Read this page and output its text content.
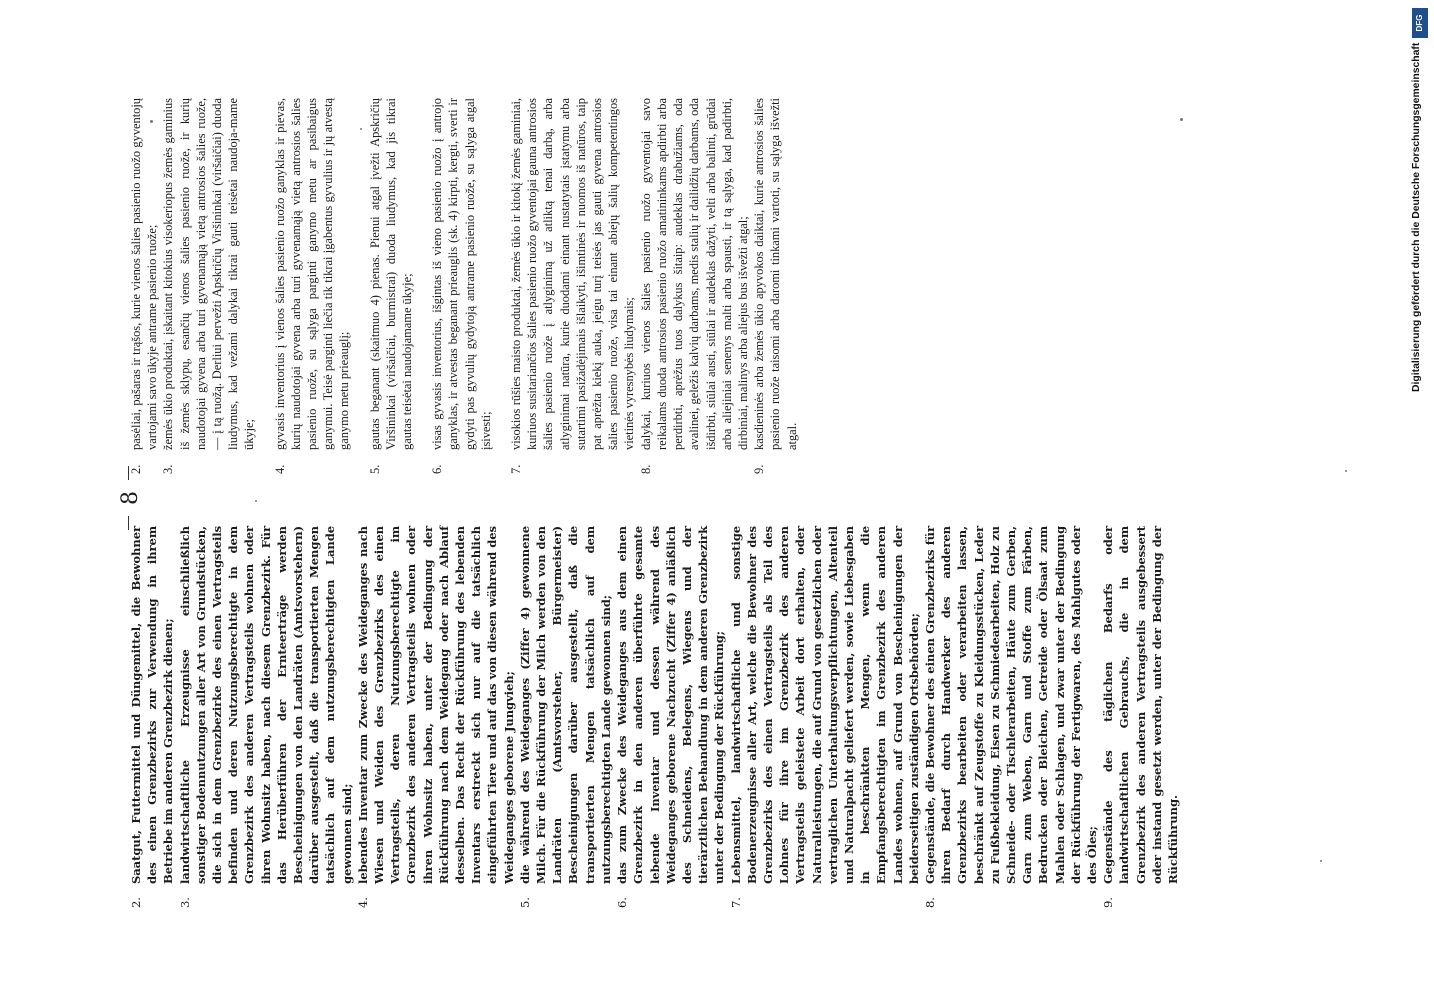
2.
Saatgut, Futtermittel und Düngemittel, die Bewohner des einen Grenzbezirks zur Verwendung in ihrem Betriebe im anderen Grenzbezirk dienen;
3.
landwirtschaftliche Erzeugnisse einschließlich sonstiger Bodennutzungen aller Art von Grundstücken, die sich in dem Grenzbezirke des einen Vertragsteils befinden und deren Nutzungsberechtigte in dem Grenzbezirk des anderen Vertragsteils wohnen oder ihren Wohnsitz haben, nach diesem Grenzbezirk. Für das Herüberführen der Ernteerträge werden Bescheinigungen von den Landräten (Amtsvorstehern) darüber ausgestellt, daß die transportierten Mengen tatsächlich auf dem nutzungsberechtigten Lande gewonnen sind;
4.
lebendes Inventar zum Zwecke des Weideganges nach Wiesen und Weiden des Grenzbezirks des einen Vertragsteils, deren Nutzungsberechtigte im Grenzbezirk des anderen Vertragsteils wohnen oder ihren Wohnsitz haben, unter der Bedingung der Rückführung nach dem Weidegang oder nach Ablauf desselben. Das Recht der Rückführung des lebenden Inventars erstreckt sich nur auf die tatsächlich eingeführten Tiere und auf das von diesen während des Weideganges geborene Jungvieh;
5.
die während des Weideganges (Ziffer 4) gewonnene Milch. Für die Rückführung der Milch werden von den Landräten (Amtsvorsteher, Bürgermeister) Bescheinigungen darüber ausgestellt, daß die transportierten Mengen tatsächlich auf dem nutzungsberechtigten Lande gewonnen sind;
6.
das zum Zwecke des Weideganges aus dem einen Grenzbezirk in den anderen überführte gesamte lebende Inventar und dessen während des Weideganges geborene Nachzucht (Ziffer 4) anläßlich des Schneidens, Belegens, Wiegens und der tierärztlichen Behandlung in dem anderen Grenzbezirk unter der Bedingung der Rückführung;
7.
Lebensmittel, landwirtschaftliche und sonstige Bodenerzeugnisse aller Art, welche die Bewohner des Grenzbezirks des einen Vertragsteils als Teil des Lohnes für ihre im Grenzbezirk des anderen Vertragsteils geleistete Arbeit dort erhalten, oder Naturalleistungen, die auf Grund von gesetzlichen oder vertraglichen Unterhaltungsverpflichtungen, Altenteil und Naturalpacht geliefert werden, sowie Liebesgaben in beschränkten Mengen, wenn die Empfangsberechtigten im Grenzbezirk des anderen Landes wohnen, auf Grund von Bescheinigungen der beiderseitigen zuständigen Ortsbehörden;
8.
Gegenstände, die Bewohner des einen Grenzbezirks für ihren Bedarf durch Handwerker des anderen Grenzbezirks bearbeiten oder verarbeiten lassen, beschränkt auf Zeugstoffe zu Kleidungsstücken, Leder zu Fußbekleidung, Eisen zu Schmiedearbeiten, Holz zu Schneide- oder Tischlerarbeiten, Häute zum Gerben, Garn zum Weben, Garn und Stoffe zum Färben, Bedrucken oder Bleichen, Getreide oder Ölsaat zum Mahlen oder Schlagen, und zwar unter der Bedingung der Rückführung der Fertigwaren, des Mahlgutes oder des Öles;
9.
Gegenstände des täglichen Bedarfs oder landwirtschaftlichen Gebrauchs, die in dem Grenzbezirk des anderen Vertragsteils ausgebessert oder instand gesetzt werden, unter der Bedingung der Rückführung.
8
2.
pasėliai, pašaras ir trąšos, kurie vienos šalies pasienio ruožo gyventojų vartojami savo ūkyje antrame pasienio ruože;
3.
žemės ūkio produktai, įskaitant kitokius visokeriopus žemės gaminius iš žemės sklypų, esančių vienos šalies pasienio ruože, ir kurių naudotojai gyvena arba turi gyvenamąją vietą antrosios šalies ruože, — į tą ruožą. Derliui pervežti Apskričių Viršininkai (viršaičiai) duoda liudymus, kad vežami dalykai tikrai gauti teisėtai naudoja-mame ūkyje;
4.
gyvasis inventorius į vienos šalies pasienio ruožo ganyklas ir pievas, kurių naudotojai gyvena arba turi gyvenamąją vietą antrosios šalies pasienio ruože, su sąlyga parginti ganymo metu ar pasibaigus ganymui. Teisė parginti liečia tik tikrai įgabentus gyvulius ir jų atvestą ganymo metu prieauglį;
5.
gautas beganant (skaitmuo 4) pienas. Pienui atgal įvežti Apskričių Viršininkai (viršaičiai, burmistrai) duoda liudymus, kad jis tikrai gautas teisėtai naudojamame ūkyje;
6.
visas gyvasis inventorius, išgintas iš vieno pasienio ruožo į antrojo ganyklas, ir atvestas beganant prieauglis (sk. 4) kirpti, kergti, sverti ir gydyti pas gyvulių gydytoją antrame pasienio ruože, su sąlyga atgal įsivesti;
7.
visokios rūšies maisto produktai, žemės ūkio ir kitokį žemės gaminiai, kuriuos susitariančios šalies pasienio ruožo gyventojai gauna antrosios šalies pasienio ruože į atlyginimą už atliktą tenai darbą, arba atlyginimai natūra, kurie duodami einant nustatytais įstatymu arba sutartimi pasižadėjimais išlaikyti, išimtinės ir nuomos iš natūros, taip pat aprėžta kiekį auka, jeigu turį teisės jas gauti gyvena antrosios šalies pasienio ruože, visa tai einant abiejų šalių kompetentingos vietinės vyresnybės liudymais;
8.
dalykai, kuriuos vienos šalies pasienio ruožo gyventojai savo reikalams duoda antrosios pasienio ruožo amatininkams apdirbti arba perdirbti, aprėžus tuos dalykus šitaip: audeklas drabužiams, oda avalinei, geležis kalvių darbams, medis stalių ir dailidžių darbams, oda išdirbti, siūlai austi, siūlai ir audeklas dažyti, velti arba balinti, grūdai arba aliejiniai senenys malti arba spausti, ir tą sąlyga, kad padirbti, dirbiniai, malinys arba aliejus bus išvežti atgal;
9.
kasdieninės arba žemės ūkio apyvokos daiktai, kurie antrosios šalies pasienio ruože taisomi arba daromi tinkami vartoti, su sąlyga išvežti atgal.
Digitalisierung gefördert durch die Deutsche Forschungsgemeinschaft
DFG
